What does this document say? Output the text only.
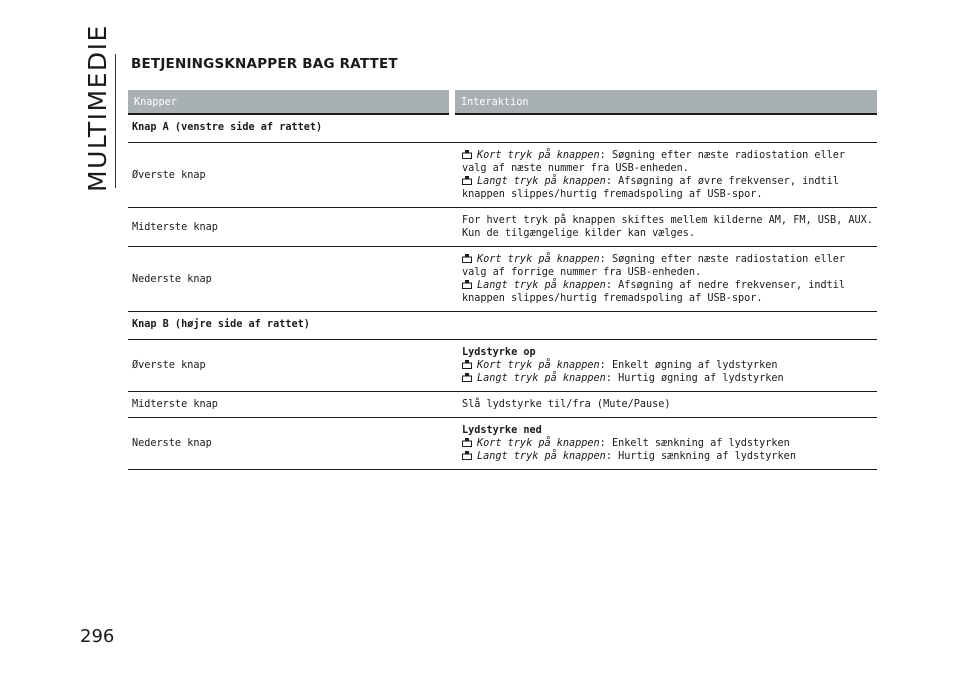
MULTIMEDIE
296
BETJENINGSKNAPPER BAG RATTET
Knapper	Interaktion
Knap A (venstre side af rattet)	
Øverste knap	Kort tryk på knappen: Søgning efter næste radiostation eller valg af næste nummer fra USB-enheden.

Langt tryk på knappen: Afsøgning af øvre frekvenser, indtil knappen slippes/hurtig fremadspoling af USB-spor.
Midterste knap	For hvert tryk på knappen skiftes mellem kilderne AM, FM, USB, AUX.
Kun de tilgængelige kilder kan vælges.
Nederste knap	Kort tryk på knappen: Søgning efter næste radiostation eller valg af forrige nummer fra USB-enheden.

Langt tryk på knappen: Afsøgning af nedre frekvenser, indtil knappen slippes/hurtig fremadspoling af USB-spor.
Knap B (højre side af rattet)	
Øverste knap	Lydstyrke op

Kort tryk på knappen: Enkelt øgning af lydstyrken

Langt tryk på knappen: Hurtig øgning af lydstyrken
Midterste knap	Slå lydstyrke til/fra (Mute/Pause)
Nederste knap	Lydstyrke ned

Kort tryk på knappen: Enkelt sænkning af lydstyrken

Langt tryk på knappen: Hurtig sænkning af lydstyrken
